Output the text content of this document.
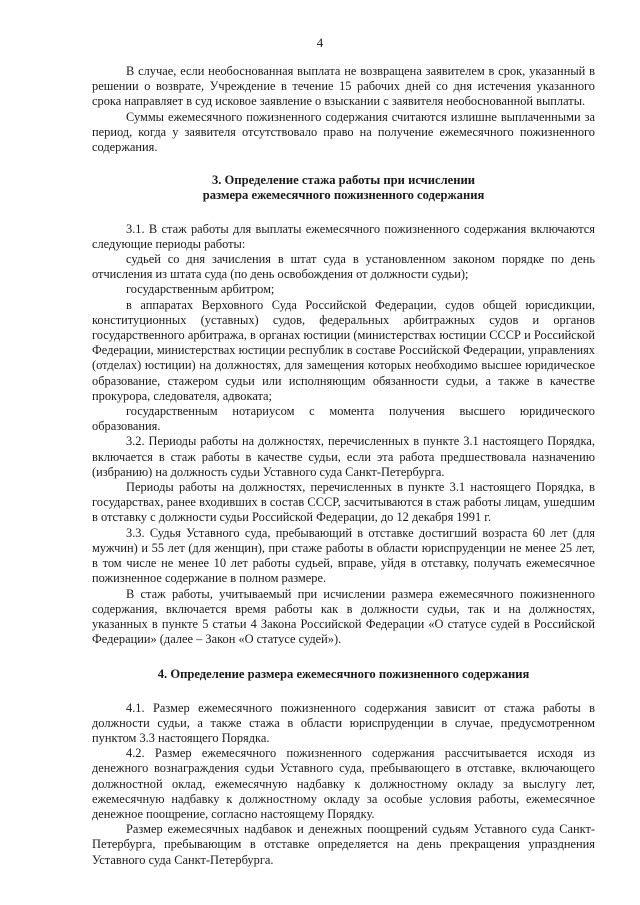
4

В случае, если необоснованная выплата не возвращена заявителем в срок, указанный в решении о возврате, Учреждение в течение 15 рабочих дней со дня истечения указанного срока направляет в суд исковое заявление о взыскании с заявителя необоснованной выплаты.

Суммы ежемесячного пожизненного содержания считаются излишне выплаченными за период, когда у заявителя отсутствовало право на получение ежемесячного пожизненного содержания.

3. Определение стажа работы при исчислении
размера ежемесячного пожизненного содержания

3.1. В стаж работы для выплаты ежемесячного пожизненного содержания включаются следующие периоды работы:

судьей со дня зачисления в штат суда в установленном законом порядке по день отчисления из штата суда (по день освобождения от должности судьи);

государственным арбитром;

в аппаратах Верховного Суда Российской Федерации, судов общей юрисдикции, конституционных (уставных) судов, федеральных арбитражных судов и органов государственного арбитража, в органах юстиции (министерствах юстиции СССР и Российской Федерации, министерствах юстиции республик в составе Российской Федерации, управлениях (отделах) юстиции) на должностях, для замещения которых необходимо высшее юридическое образование, стажером судьи или исполняющим обязанности судьи, а также в качестве прокурора, следователя, адвоката;

государственным нотариусом с момента получения высшего юридического образования.

3.2. Периоды работы на должностях, перечисленных в пункте 3.1 настоящего Порядка, включается в стаж работы в качестве судьи, если эта работа предшествовала назначению (избранию) на должность судьи Уставного суда Санкт-Петербурга.

Периоды работы на должностях, перечисленных в пункте 3.1 настоящего Порядка, в государствах, ранее входивших в состав СССР, засчитываются в стаж работы лицам, ушедшим в отставку с должности судьи Российской Федерации, до 12 декабря 1991 г.

3.3. Судья Уставного суда, пребывающий в отставке достигший возраста 60 лет (для мужчин) и 55 лет (для женщин), при стаже работы в области юриспруденции не менее 25 лет, в том числе не менее 10 лет работы судьей, вправе, уйдя в отставку, получать ежемесячное пожизненное содержание в полном размере.

В стаж работы, учитываемый при исчислении размера ежемесячного пожизненного содержания, включается время работы как в должности судьи, так и на должностях, указанных в пункте 5 статьи 4 Закона Российской Федерации «О статусе судей в Российской Федерации» (далее – Закон «О статусе судей»).

4. Определение размера ежемесячного пожизненного содержания

4.1. Размер ежемесячного пожизненного содержания зависит от стажа работы в должности судьи, а также стажа в области юриспруденции в случае, предусмотренном пунктом 3.3 настоящего Порядка.

4.2. Размер ежемесячного пожизненного содержания рассчитывается исходя из денежного вознаграждения судьи Уставного суда, пребывающего в отставке, включающего должностной оклад, ежемесячную надбавку к должностному окладу за выслугу лет, ежемесячную надбавку к должностному окладу за особые условия работы, ежемесячное денежное поощрение, согласно настоящему Порядку.

Размер ежемесячных надбавок и денежных поощрений судьям Уставного суда Санкт-Петербурга, пребывающим в отставке определяется на день прекращения упразднения Уставного суда Санкт-Петербурга.
